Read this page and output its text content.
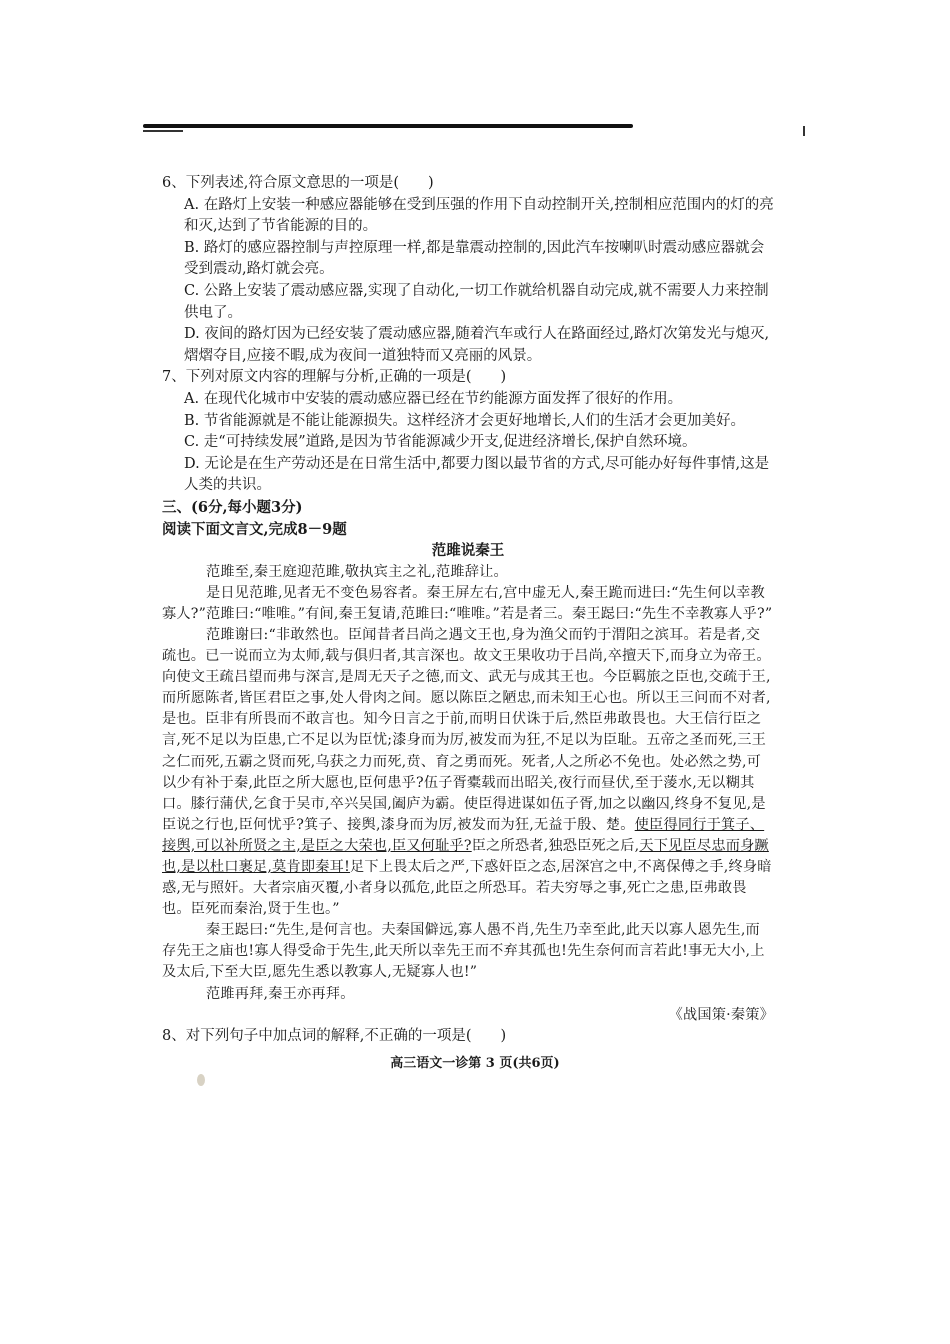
6、下列表述,符合原文意思的一项是(　　)

A. 在路灯上安装一种感应器能够在受到压强的作用下自动控制开关,控制相应范围内的灯的亮和灭,达到了节省能源的目的。

B. 路灯的感应器控制与声控原理一样,都是靠震动控制的,因此汽车按喇叭时震动感应器就会受到震动,路灯就会亮。

C. 公路上安装了震动感应器,实现了自动化,一切工作就给机器自动完成,就不需要人力来控制供电了。

D. 夜间的路灯因为已经安装了震动感应器,随着汽车或行人在路面经过,路灯次第发光与熄灭,熠熠夺目,应接不暇,成为夜间一道独特而又亮丽的风景。

7、下列对原文内容的理解与分析,正确的一项是(　　)

A. 在现代化城市中安装的震动感应器已经在节约能源方面发挥了很好的作用。

B. 节省能源就是不能让能源损失。这样经济才会更好地增长,人们的生活才会更加美好。

C. 走“可持续发展”道路,是因为节省能源减少开支,促进经济增长,保护自然环境。

D. 无论是在生产劳动还是在日常生活中,都要力图以最节省的方式,尽可能办好每件事情,这是人类的共识。

三、(6分,每小题3分)

阅读下面文言文,完成8－9题

范雎说秦王

范雎至,秦王庭迎范雎,敬执宾主之礼,范雎辞让。

是日见范雎,见者无不变色易容者。秦王屏左右,宫中虚无人,秦王跪而进曰:“先生何以幸教寡人?”范雎曰:“唯唯。”有间,秦王复请,范雎曰:“唯唯。”若是者三。秦王跽曰:“先生不幸教寡人乎?”

范雎谢曰:“非敢然也。臣闻昔者吕尚之遇文王也,身为渔父而钓于渭阳之滨耳。若是者,交疏也。已一说而立为太师,载与俱归者,其言深也。故文王果收功于吕尚,卒擅天下,而身立为帝王。向使文王疏吕望而弗与深言,是周无天子之德,而文、武无与成其王也。今臣羁旅之臣也,交疏于王,而所愿陈者,皆匡君臣之事,处人骨肉之间。愿以陈臣之陋忠,而未知王心也。所以王三问而不对者,是也。臣非有所畏而不敢言也。知今日言之于前,而明日伏诛于后,然臣弗敢畏也。大王信行臣之言,死不足以为臣患,亡不足以为臣忧;漆身而为厉,被发而为狂,不足以为臣耻。五帝之圣而死,三王之仁而死,五霸之贤而死,乌获之力而死,贲、育之勇而死。死者,人之所必不免也。处必然之势,可以少有补于秦,此臣之所大愿也,臣何患乎?伍子胥橐载而出昭关,夜行而昼伏,至于蔆水,无以糊其口。膝行蒲伏,乞食于吴市,卒兴吴国,阖庐为霸。使臣得进谋如伍子胥,加之以幽囚,终身不复见,是臣说之行也,臣何忧乎?箕子、接舆,漆身而为厉,被发而为狂,无益于殷、楚。使臣得同行于箕子、接舆,可以补所贤之主,是臣之大荣也,臣又何耻乎?臣之所恐者,独恐臣死之后,天下见臣尽忠而身蹶也,是以杜口裹足,莫肯即秦耳!足下上畏太后之严,下惑奸臣之态,居深宫之中,不离保傅之手,终身暗惑,无与照奸。大者宗庙灭覆,小者身以孤危,此臣之所恐耳。若夫穷辱之事,死亡之患,臣弗敢畏也。臣死而秦治,贤于生也。”

秦王跽曰:“先生,是何言也。夫秦国僻远,寡人愚不肖,先生乃幸至此,此天以寡人恩先生,而存先王之庙也!寡人得受命于先生,此天所以幸先王而不弃其孤也!先生奈何而言若此!事无大小,上及太后,下至大臣,愿先生悉以教寡人,无疑寡人也!”

范雎再拜,秦王亦再拜。

《战国策·秦策》

8、对下列句子中加点词的解释,不正确的一项是(　　)

高三语文一诊第 3 页(共6页)
